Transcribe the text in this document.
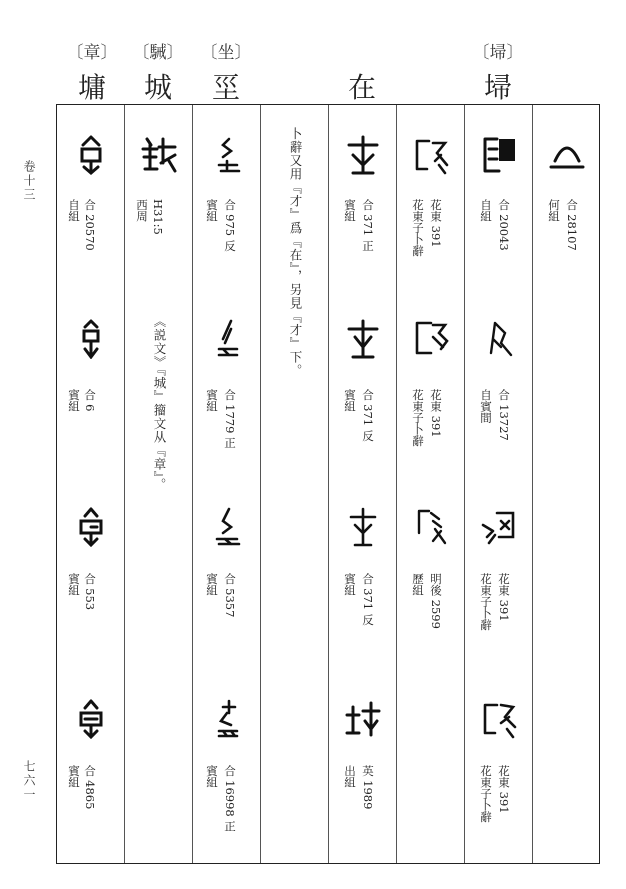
卷十三
七六一
〔章〕
墉
〔駴〕
城
〔坐〕
坙	在
〔埽〕
埽
合 20570
自組
合 6
賓組
合 553
賓組
合 4865
賓組
H31:5
西周
《説文》『城』籀文从『章』。
合 975 反
賓組
合 1779 正
賓組
合 5357
賓組
合 16998 正
賓組
卜辭又用『才』爲『在』，另見『才』下。	合 371 正
賓組
合 371 反
賓組
合 371 反
賓組
英 1989
出組
花東 391
花東子卜辭
花東 391
花東子卜辭
明後 2599
歷組
合 20043
自組
合 13727
自賓間
花東 391
花東子卜辭
花東 391
花東子卜辭
合 28107
何組
